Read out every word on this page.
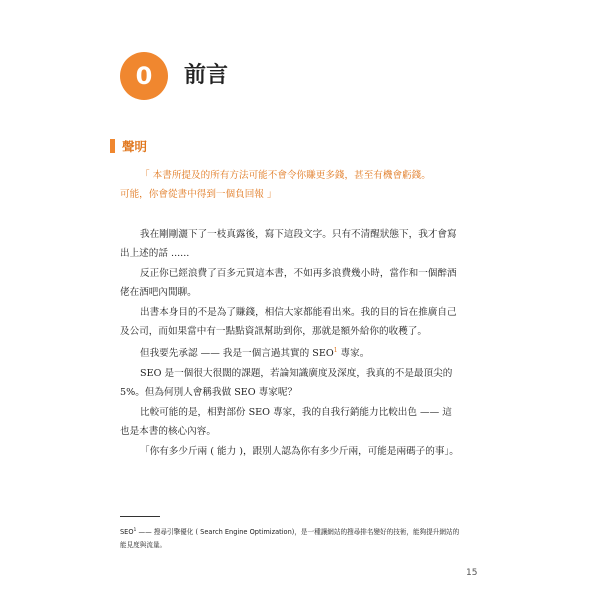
0 前言
聲明

「 本書所提及的所有方法可能不會令你賺更多錢，甚至有機會虧錢。

可能，你會從書中得到一個負回報 」

我在剛剛灑下了一枝真露後，寫下這段文字。只有不清醒狀態下，我才會寫出上述的話 ......

反正你已經浪費了百多元買這本書，不如再多浪費幾小時，當作和一個醉酒佬在酒吧內閒聊。

出書本身目的不是為了賺錢，相信大家都能看出來。我的目的旨在推廣自己及公司，而如果當中有一點點資訊幫助到你，那就是額外給你的收穫了。

但我要先承認 —— 我是一個言過其實的 SEO$^1$ 專家。

SEO 是一個很大很闊的課題，若論知識廣度及深度，我真的不是最頂尖的 5%。但為何別人會稱我做 SEO 專家呢？

比較可能的是，相對部份 SEO 專家，我的自我行銷能力比較出色 —— 這也是本書的核心內容。

「你有多少斤兩 ( 能力 )，跟別人認為你有多少斤兩，可能是兩碼子的事」。

SEO$^1$ —— 搜尋引擎優化 ( Search Engine Optimization)，是一種讓網站的搜尋排名變好的技術，能夠提升網站的能見度與流量。

15
